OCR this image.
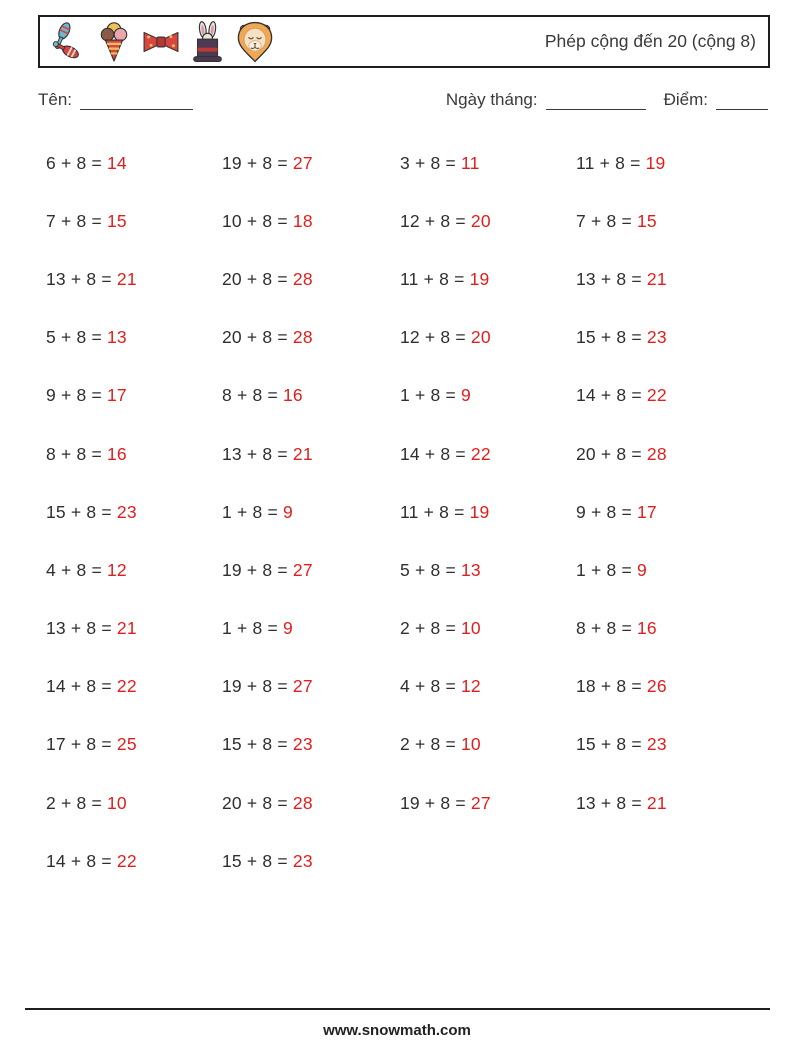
Phép cộng đến 20 (cộng 8)
Tên:	Ngày tháng:	Điểm:
6 + 8 = 14	19 + 8 = 27	3 + 8 = 11	11 + 8 = 19
7 + 8 = 15	10 + 8 = 18	12 + 8 = 20	7 + 8 = 15
13 + 8 = 21	20 + 8 = 28	11 + 8 = 19	13 + 8 = 21
5 + 8 = 13	20 + 8 = 28	12 + 8 = 20	15 + 8 = 23
9 + 8 = 17	8 + 8 = 16	1 + 8 = 9	14 + 8 = 22
8 + 8 = 16	13 + 8 = 21	14 + 8 = 22	20 + 8 = 28
15 + 8 = 23	1 + 8 = 9	11 + 8 = 19	9 + 8 = 17
4 + 8 = 12	19 + 8 = 27	5 + 8 = 13	1 + 8 = 9
13 + 8 = 21	1 + 8 = 9	2 + 8 = 10	8 + 8 = 16
14 + 8 = 22	19 + 8 = 27	4 + 8 = 12	18 + 8 = 26
17 + 8 = 25	15 + 8 = 23	2 + 8 = 10	15 + 8 = 23
2 + 8 = 10	20 + 8 = 28	19 + 8 = 27	13 + 8 = 21
14 + 8 = 22	15 + 8 = 23
www.snowmath.com
